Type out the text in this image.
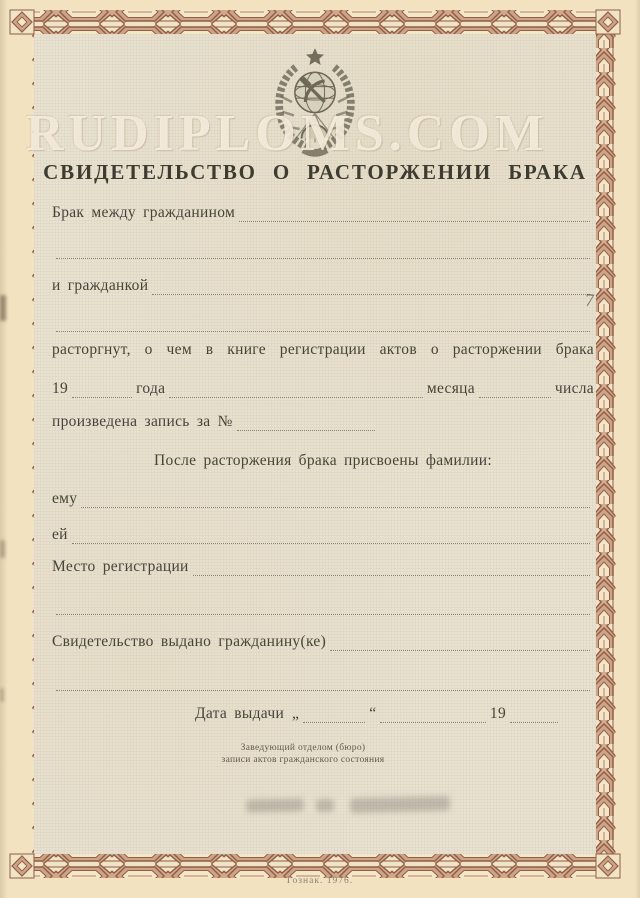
RUDIPLOMS.COM
СВИДЕТЕЛЬСТВО О РАСТОРЖЕНИИ БРАКА
Брак между гражданином
и гражданкой
расторгнут, о чем в книге регистрации актов о расторжении брака
19	года	месяца	числа
произведена запись за №
После расторжения брака присвоены фамилии:
ему
ей
Место регистрации
Свидетельство выдано гражданину(ке)
Дата выдачи „	“	19
Заведующий отделом (бюро)
записи актов гражданского состояния
7
Гознак. 1976.
